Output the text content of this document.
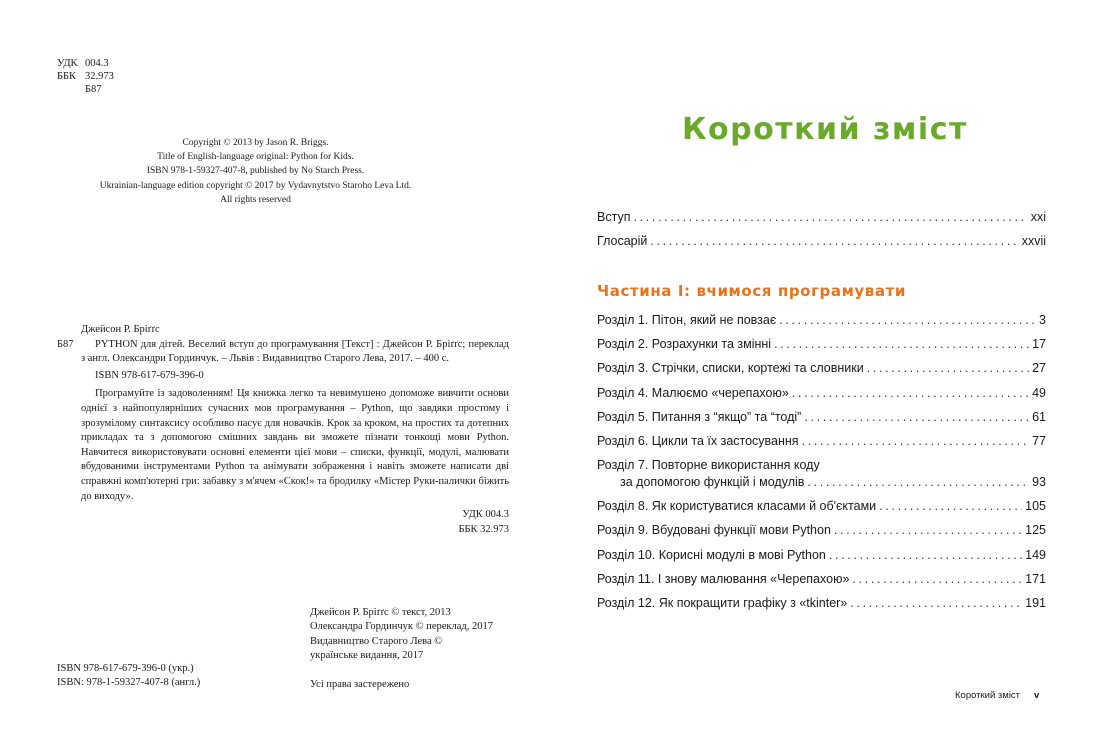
УДК 004.3
ББК 32.973
Б87
Copyright © 2013 by Jason R. Briggs.
Title of English-language original: Python for Kids.
ISBN 978-1-59327-407-8, published by No Starch Press.
Ukrainian-language edition copyright © 2017 by Vydavnytstvo Staroho Leva Ltd.
All rights reserved
Джейсон Р. Бріґґс
Б87	PYTHON для дітей. Веселий вступ до програмування [Текст] : Джейсон Р. Бріґґс; переклад з англ. Олександри Гординчук. – Львів : Видавництво Старого Лева, 2017. – 400 с.
ISBN 978-617-679-396-0
Програмуйте із задоволенням! Ця книжка легко та невимушено допоможе вивчити основи однієї з найпопулярніших сучасних мов програмування – Python, що завдяки простому і зрозумілому синтаксису особливо пасує для новачків. Крок за кроком, на простих та дотепних прикладах та з допомогою смішних завдань ви зможете пізнати тонкощі мови Python. Навчитеся використовувати основні елементи цієї мови – списки, функції, модулі, малювати вбудованими інструментами Python та анімувати зображення і навіть зможете написати дві справжні комп'ютерні гри: забавку з м'ячем «Скок!» та бродилку «Містер Руки-палички біжить до виходу».
УДК 004.3
ББК 32.973
Джейсон Р. Бріґґс © текст, 2013
Олександра Гординчук © переклад, 2017
Видавництво Старого Лева ©
українське видання, 2017
Усі права застережено
ISBN 978-617-679-396-0 (укр.)
ISBN: 978-1-59327-407-8 (англ.)
Короткий зміст
Вступ . . .	xxi
Глосарій . . .	xxvii
Частина I: вчимося програмувати
Розділ 1. Пітон, який не повзає . . .	3
Розділ 2. Розрахунки та змінні . . .	17
Розділ 3. Стрічки, списки, кортежі та словники . . .	27
Розділ 4. Малюємо «черепахою» . . .	49
Розділ 5. Питання з “якщо” та “тоді” . . .	61
Розділ 6. Цикли та їх застосування . . .	77
Розділ 7. Повторне використання коду
за допомогою функцій і модулів . . .	93
Розділ 8. Як користуватися класами й об'єктами . . .	105
Розділ 9. Вбудовані функції мови Python . . .	125
Розділ 10. Корисні модулі в мові Python . . .	149
Розділ 11. І знову малювання «Черепахою» . . .	171
Розділ 12. Як покращити графіку з «tkinter» . . .	191
Короткий зміст v
